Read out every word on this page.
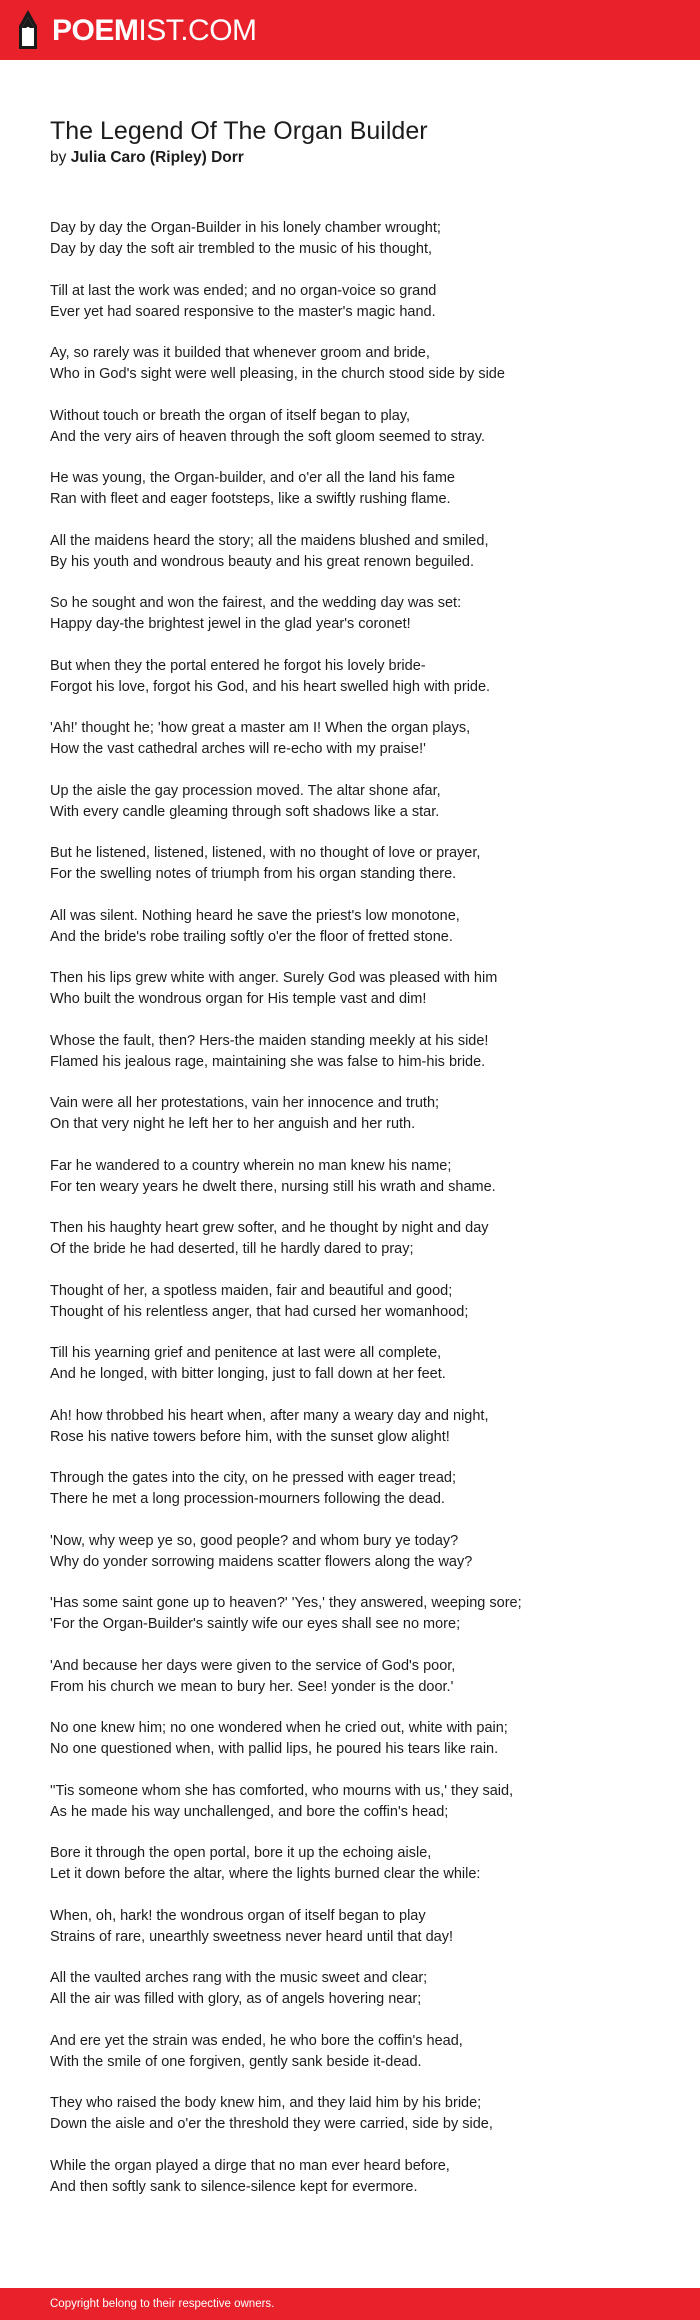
POEMIST.COM
The Legend Of The Organ Builder
by Julia Caro (Ripley) Dorr
Day by day the Organ-Builder in his lonely chamber wrought;
Day by day the soft air trembled to the music of his thought,
Till at last the work was ended; and no organ-voice so grand
Ever yet had soared responsive to the master's magic hand.
Ay, so rarely was it builded that whenever groom and bride,
Who in God's sight were well pleasing, in the church stood side by side
Without touch or breath the organ of itself began to play,
And the very airs of heaven through the soft gloom seemed to stray.
He was young, the Organ-builder, and o'er all the land his fame
Ran with fleet and eager footsteps, like a swiftly rushing flame.
All the maidens heard the story; all the maidens blushed and smiled,
By his youth and wondrous beauty and his great renown beguiled.
So he sought and won the fairest, and the wedding day was set:
Happy day-the brightest jewel in the glad year's coronet!
But when they the portal entered he forgot his lovely bride-
Forgot his love, forgot his God, and his heart swelled high with pride.
'Ah!' thought he; 'how great a master am I! When the organ plays,
How the vast cathedral arches will re-echo with my praise!'
Up the aisle the gay procession moved. The altar shone afar,
With every candle gleaming through soft shadows like a star.
But he listened, listened, listened, with no thought of love or prayer,
For the swelling notes of triumph from his organ standing there.
All was silent. Nothing heard he save the priest's low monotone,
And the bride's robe trailing softly o'er the floor of fretted stone.
Then his lips grew white with anger. Surely God was pleased with him
Who built the wondrous organ for His temple vast and dim!
Whose the fault, then? Hers-the maiden standing meekly at his side!
Flamed his jealous rage, maintaining she was false to him-his bride.
Vain were all her protestations, vain her innocence and truth;
On that very night he left her to her anguish and her ruth.
Far he wandered to a country wherein no man knew his name;
For ten weary years he dwelt there, nursing still his wrath and shame.
Then his haughty heart grew softer, and he thought by night and day
Of the bride he had deserted, till he hardly dared to pray;
Thought of her, a spotless maiden, fair and beautiful and good;
Thought of his relentless anger, that had cursed her womanhood;
Till his yearning grief and penitence at last were all complete,
And he longed, with bitter longing, just to fall down at her feet.
Ah! how throbbed his heart when, after many a weary day and night,
Rose his native towers before him, with the sunset glow alight!
Through the gates into the city, on he pressed with eager tread;
There he met a long procession-mourners following the dead.
'Now, why weep ye so, good people? and whom bury ye today?
Why do yonder sorrowing maidens scatter flowers along the way?
'Has some saint gone up to heaven?' 'Yes,' they answered, weeping sore;
'For the Organ-Builder's saintly wife our eyes shall see no more;
'And because her days were given to the service of God's poor,
From his church we mean to bury her. See! yonder is the door.'
No one knew him; no one wondered when he cried out, white with pain;
No one questioned when, with pallid lips, he poured his tears like rain.
''Tis someone whom she has comforted, who mourns with us,' they said,
As he made his way unchallenged, and bore the coffin's head;
Bore it through the open portal, bore it up the echoing aisle,
Let it down before the altar, where the lights burned clear the while:
When, oh, hark! the wondrous organ of itself began to play
Strains of rare, unearthly sweetness never heard until that day!
All the vaulted arches rang with the music sweet and clear;
All the air was filled with glory, as of angels hovering near;
And ere yet the strain was ended, he who bore the coffin's head,
With the smile of one forgiven, gently sank beside it-dead.
They who raised the body knew him, and they laid him by his bride;
Down the aisle and o'er the threshold they were carried, side by side,
While the organ played a dirge that no man ever heard before,
And then softly sank to silence-silence kept for evermore.
Copyright belong to their respective owners.
